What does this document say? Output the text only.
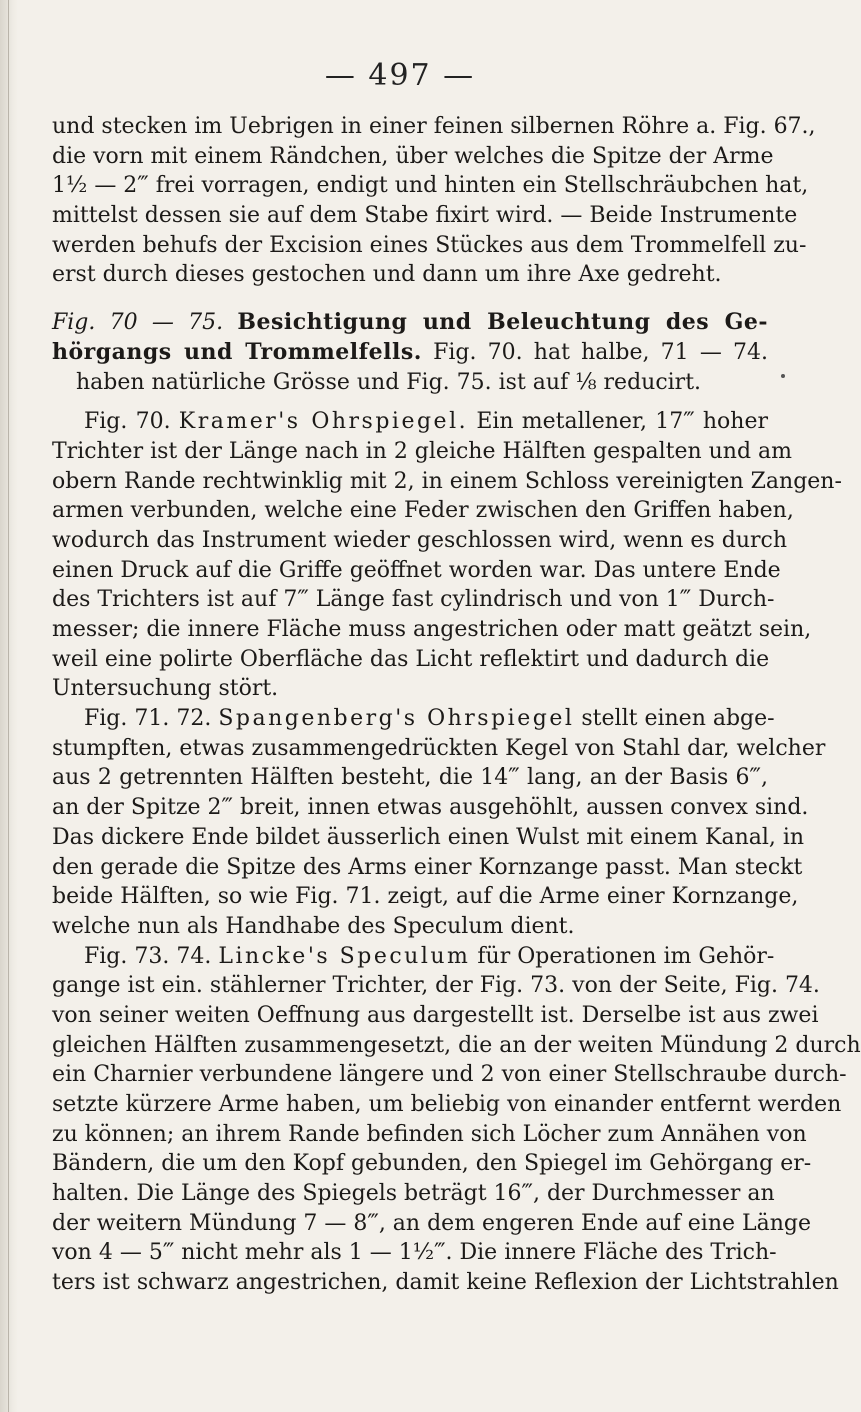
— 497 —
und stecken im Uebrigen in einer feinen silbernen Röhre a. Fig. 67.,
die vorn mit einem Rändchen, über welches die Spitze der Arme
1½ — 2‴ frei vorragen, endigt und hinten ein Stellschräubchen hat,
mittelst dessen sie auf dem Stabe fixirt wird. — Beide Instrumente
werden behufs der Excision eines Stückes aus dem Trommelfell zu-
erst durch dieses gestochen und dann um ihre Axe gedreht.
Fig. 70 — 75. Besichtigung und Beleuchtung des Ge-
hörgangs und Trommelfells. Fig. 70. hat halbe, 71 — 74.
haben natürliche Grösse und Fig. 75. ist auf ⅛ reducirt.
Fig. 70. Kramer's Ohrspiegel. Ein metallener, 17‴ hoher
Trichter ist der Länge nach in 2 gleiche Hälften gespalten und am
obern Rande rechtwinklig mit 2, in einem Schloss vereinigten Zangen-
armen verbunden, welche eine Feder zwischen den Griffen haben,
wodurch das Instrument wieder geschlossen wird, wenn es durch
einen Druck auf die Griffe geöffnet worden war. Das untere Ende
des Trichters ist auf 7‴ Länge fast cylindrisch und von 1‴ Durch-
messer; die innere Fläche muss angestrichen oder matt geätzt sein,
weil eine polirte Oberfläche das Licht reflektirt und dadurch die
Untersuchung stört.
Fig. 71. 72. Spangenberg's Ohrspiegel stellt einen abge-
stumpften, etwas zusammengedrückten Kegel von Stahl dar, welcher
aus 2 getrennten Hälften besteht, die 14‴ lang, an der Basis 6‴,
an der Spitze 2‴ breit, innen etwas ausgehöhlt, aussen convex sind.
Das dickere Ende bildet äusserlich einen Wulst mit einem Kanal, in
den gerade die Spitze des Arms einer Kornzange passt. Man steckt
beide Hälften, so wie Fig. 71. zeigt, auf die Arme einer Kornzange,
welche nun als Handhabe des Speculum dient.
Fig. 73. 74. Lincke's Speculum für Operationen im Gehör-
gange ist ein. stählerner Trichter, der Fig. 73. von der Seite, Fig. 74.
von seiner weiten Oeffnung aus dargestellt ist. Derselbe ist aus zwei
gleichen Hälften zusammengesetzt, die an der weiten Mündung 2 durch
ein Charnier verbundene längere und 2 von einer Stellschraube durch-
setzte kürzere Arme haben, um beliebig von einander entfernt werden
zu können; an ihrem Rande befinden sich Löcher zum Annähen von
Bändern, die um den Kopf gebunden, den Spiegel im Gehörgang er-
halten. Die Länge des Spiegels beträgt 16‴, der Durchmesser an
der weitern Mündung 7 — 8‴, an dem engeren Ende auf eine Länge
von 4 — 5‴ nicht mehr als 1 — 1½‴. Die innere Fläche des Trich-
ters ist schwarz angestrichen, damit keine Reflexion der Lichtstrahlen
